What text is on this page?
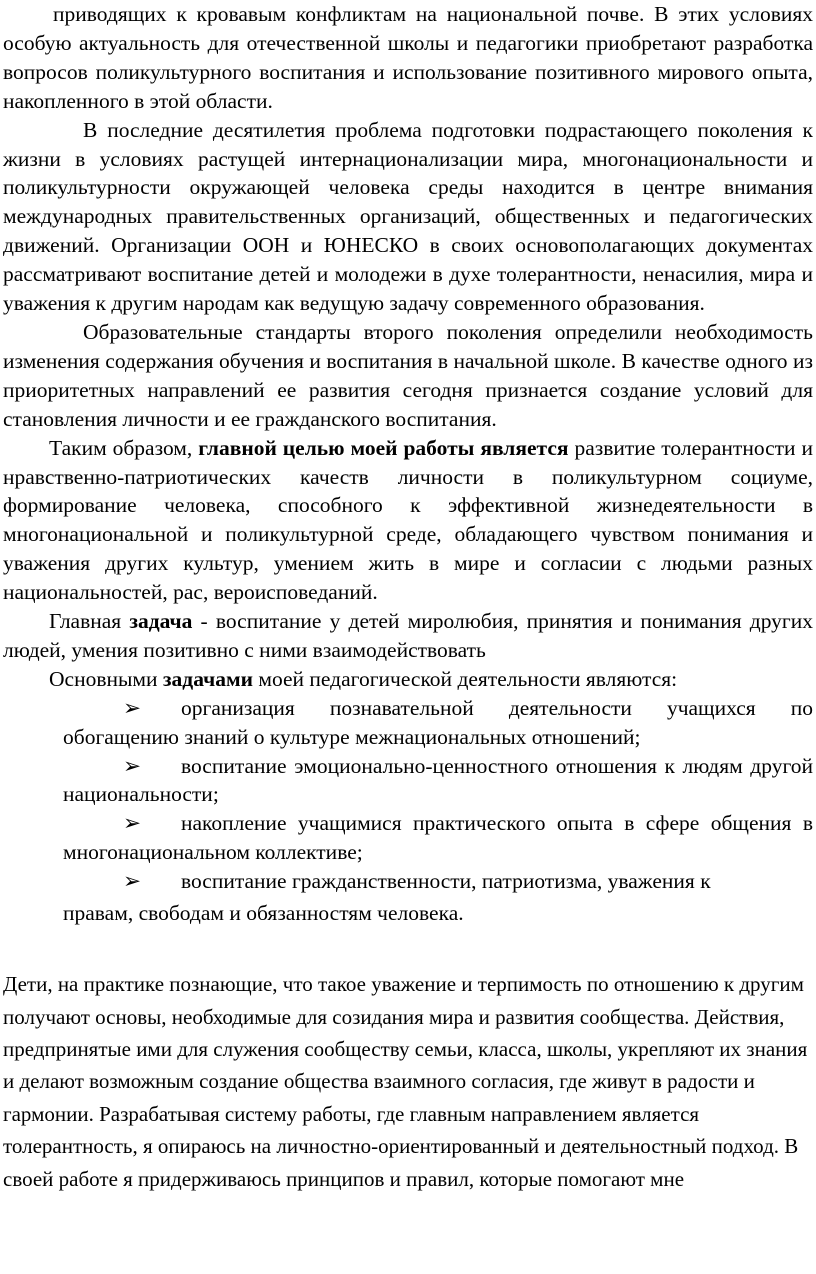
приводящих к кровавым конфликтам на национальной почве. В этих условиях особую актуальность для отечественной школы и педагогики приобретают разработка вопросов поликультурного воспитания и использование позитивного мирового опыта, накопленного в этой области.

В последние десятилетия проблема подготовки подрастающего поколения к жизни в условиях растущей интернационализации мира, многонациональности и поликультурности окружающей человека среды находится в центре внимания международных правительственных организаций, общественных и педагогических движений. Организации ООН и ЮНЕСКО в своих основополагающих документах рассматривают воспитание детей и молодежи в духе толерантности, ненасилия, мира и уважения к другим народам как ведущую задачу современного образования.

Образовательные стандарты второго поколения определили необходимость изменения содержания обучения и воспитания в начальной школе. В качестве одного из приоритетных направлений ее развития сегодня признается создание условий для становления личности и ее гражданского воспитания.

Таким образом, главной целью моей работы является развитие толерантности и нравственно-патриотических качеств личности в поликультурном социуме, формирование человека, способного к эффективной жизнедеятельности в многонациональной и поликультурной среде, обладающего чувством понимания и уважения других культур, умением жить в мире и согласии с людьми разных национальностей, рас, вероисповеданий.

Главная задача - воспитание у детей миролюбия, принятия и понимания других людей, умения позитивно с ними взаимодействовать

Основными задачами моей педагогической деятельности являются:

➢ организация познавательной деятельности учащихся по обогащению знаний о культуре межнациональных отношений;

➢ воспитание эмоционально-ценностного отношения к людям другой национальности;

➢ накопление учащимися практического опыта в сфере общения в многонациональном коллективе;

➢ воспитание гражданственности, патриотизма, уважения к
правам, свободам и обязанностям человека.

Дети, на практике познающие, что такое уважение и терпимость по отношению к другим получают основы, необходимые для созидания мира и развития сообщества. Действия, предпринятые ими для служения сообществу семьи, класса, школы, укрепляют их знания и делают возможным создание общества взаимного согласия, где живут в радости и гармонии. Разрабатывая систему работы, где главным направлением является толерантность, я опираюсь на личностно-ориентированный и деятельностный подход. В своей работе я придерживаюсь принципов и правил, которые помогают мне
